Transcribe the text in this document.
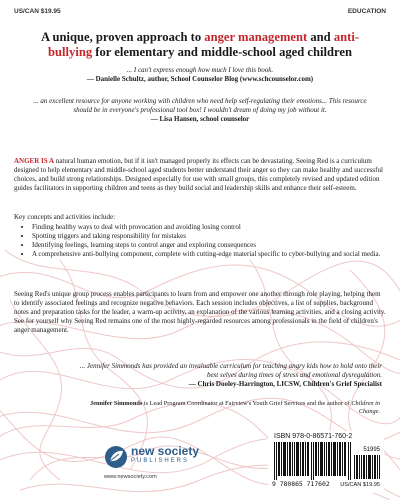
US/CAN $19.95	EDUCATION
A unique, proven approach to anger management and anti-bullying for elementary and middle-school aged children
... I can't express enough how much I love this book.
— Danielle Schultz, author, School Counselor Blog (www.schcounselor.com)
... an excellent resource for anyone working with children who need help self-regulating their emotions... This resource should be in everyone's professional tool box! I wouldn't dream of doing my job without it.
— Lisa Hansen, school counselor
ANGER IS A natural human emotion, but if it isn't managed properly its effects can be devastating. Seeing Red is a curriculum designed to help elementary and middle-school aged students better understand their anger so they can make healthy and successful choices, and build strong relationships. Designed especially for use with small groups, this completely revised and updated edition guides facilitators in supporting children and teens as they build social and leadership skills and enhance their self-esteem.
Key concepts and activities include:
• Finding healthy ways to deal with provocation and avoiding losing control
• Spotting triggers and taking responsibility for mistakes
• Identifying feelings, learning steps to control anger and exploring consequences
• A comprehensive anti-bullying component, complete with cutting-edge material specific to cyber-bullying and social media.
Seeing Red's unique group process enables participants to learn from and empower one another through role playing, helping them to identify associated feelings and recognize negative behaviors. Each session includes objectives, a list of supplies, background notes and preparation tasks for the leader, a warm-up activity, an explanation of the various learning activities, and a closing activity. See for yourself why Seeing Red remains one of the most highly-regarded resources among professionals in the field of children's anger management.
... Jennifer Simmonds has provided an invaluable curriculum for teaching angry kids how to hold onto their best selves during times of stress and emotional dysregulation.
— Chris Dooley-Harrington, LICSW, Children's Grief Specialist
Jennifer Simmonds is Lead Program Coordinator at Fairview's Youth Grief Services and the author of Children in Change.
new society
PUBLISHERS
www.newsociety.com
ISBN 978-0-86571-760-2
51995
9 780865 717602 US/CAN $19.95
